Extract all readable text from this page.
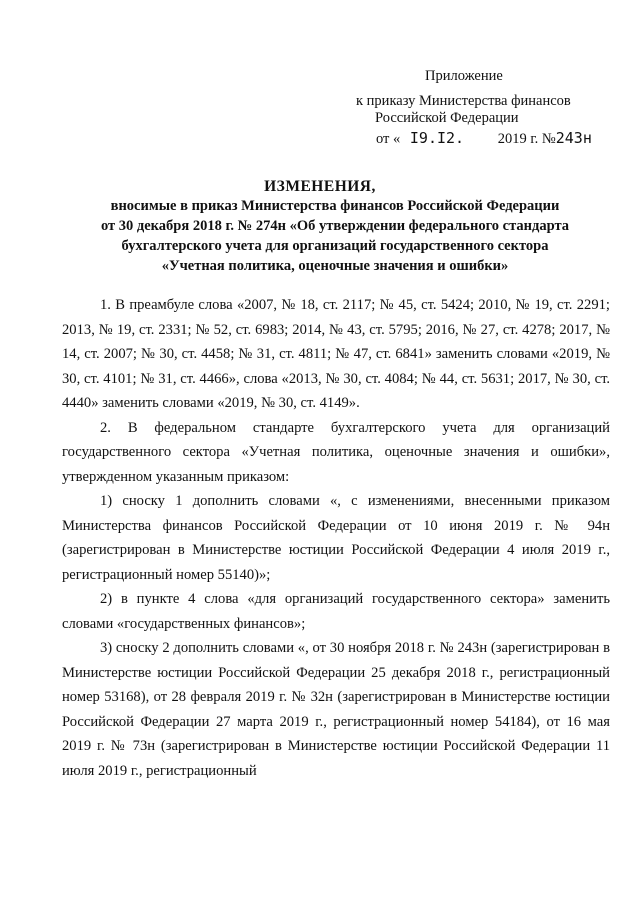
Приложение
к приказу Министерства финансов
Российской Федерации
от « I9.I2. 2019 г. №243н
ИЗМЕНЕНИЯ,
вносимые в приказ Министерства финансов Российской Федерации
от 30 декабря 2018 г. № 274н «Об утверждении федерального стандарта
бухгалтерского учета для организаций государственного сектора
«Учетная политика, оценочные значения и ошибки»

1. В преамбуле слова «2007, № 18, ст. 2117; № 45, ст. 5424; 2010, № 19, ст. 2291; 2013, № 19, ст. 2331; № 52, ст. 6983; 2014, № 43, ст. 5795; 2016, № 27, ст. 4278; 2017, № 14, ст. 2007; № 30, ст. 4458; № 31, ст. 4811; № 47, ст. 6841» заменить словами «2019, № 30, ст. 4101; № 31, ст. 4466», слова «2013, № 30, ст. 4084; № 44, ст. 5631; 2017, № 30, ст. 4440» заменить словами «2019, № 30, ст. 4149».

2. В федеральном стандарте бухгалтерского учета для организаций государственного сектора «Учетная политика, оценочные значения и ошибки», утвержденном указанным приказом:

1) сноску 1 дополнить словами «, с изменениями, внесенными приказом Министерства финансов Российской Федерации от 10 июня 2019 г. № 94н (зарегистрирован в Министерстве юстиции Российской Федерации 4 июля 2019 г., регистрационный номер 55140)»;

2) в пункте 4 слова «для организаций государственного сектора» заменить словами «государственных финансов»;

3) сноску 2 дополнить словами «, от 30 ноября 2018 г. № 243н (зарегистрирован в Министерстве юстиции Российской Федерации 25 декабря 2018 г., регистрационный номер 53168), от 28 февраля 2019 г. № 32н (зарегистрирован в Министерстве юстиции Российской Федерации 27 марта 2019 г., регистрационный номер 54184), от 16 мая 2019 г. № 73н (зарегистрирован в Министерстве юстиции Российской Федерации 11 июля 2019 г., регистрационный
